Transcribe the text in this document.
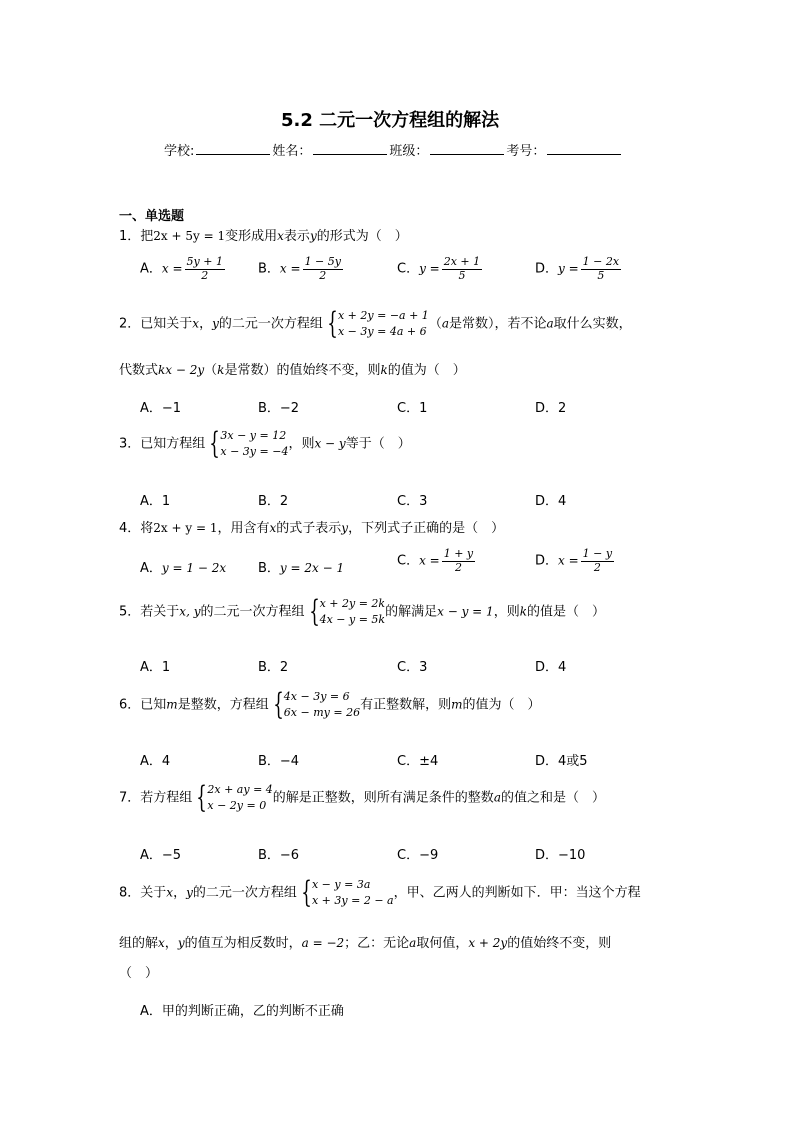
5.2 二元一次方程组的解法
学校:	姓名：	班级：	考号：
一、单选题
1．把2x + 5y = 1变形成用x表示y的形式为（　）
A．$x = \frac{5y + 1}{2}$	B．$x = \frac{1 - 5y}{2}$	C．$y = \frac{2x + 1}{5}$	D．$y = \frac{1 - 2x}{5}$
2．已知关于x，y的二元一次方程组 { x + 2y = −a + 1
x − 3y = 4a + 6 （a是常数），若不论a取什么实数，
代数式kx − 2y（k是常数）的值始终不变，则k的值为（　）
A．−1	B．−2	C．1	D．2
3．已知方程组 { 3x − y = 12
x − 3y = −4 ，则x − y等于（　）
A．1	B．2	C．3	D．4
4．将2x + y = 1，用含有x的式子表示y，下列式子正确的是（　）
A．y = 1 − 2x B．y = 2x − 1	C．$x = \frac{1 + y}{2}$	D．$x = \frac{1 - y}{2}$
5．若关于x, y的二元一次方程组 { x + 2y = 2k
4x − y = 5k 的解满足x − y = 1，则k的值是（　）
A．1	B．2	C．3	D．4
6．已知m是整数，方程组 { 4x − 3y = 6
6x − my = 26 有正整数解，则m的值为（　）
A．4	B．−4	C．±4	D．4或5
7．若方程组 { 2x + ay = 4
x − 2y = 0 的解是正整数，则所有满足条件的整数a的值之和是（　）
A．−5	B．−6	C．−9	D．−10
8．关于x，y的二元一次方程组 { x − y = 3a
x + 3y = 2 − a ，甲、乙两人的判断如下．甲：当这个方程
组的解x，y的值互为相反数时，a = −2；乙：无论a取何值，x + 2y的值始终不变，则
（　）
A．甲的判断正确，乙的判断不正确
